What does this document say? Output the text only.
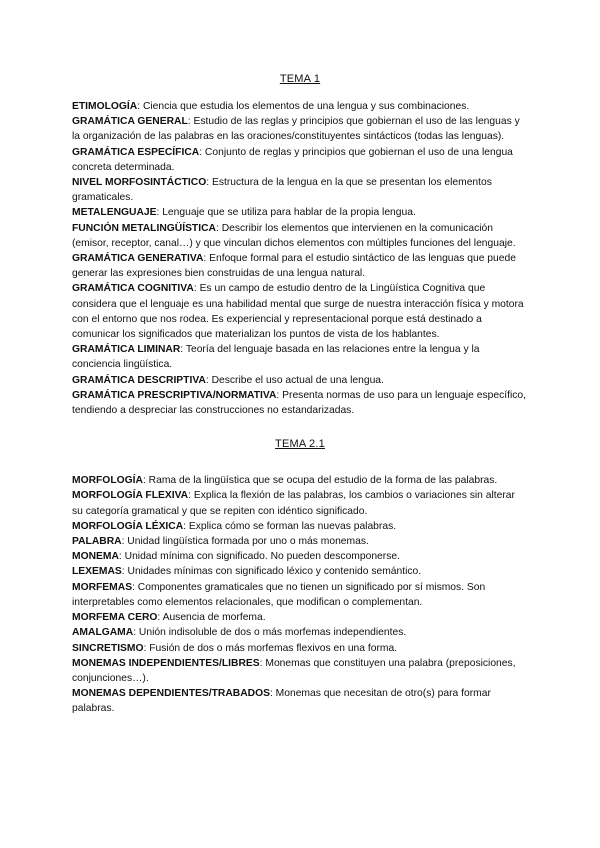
TEMA 1

ETIMOLOGÍA: Ciencia que estudia los elementos de una lengua y sus combinaciones.

GRAMÁTICA GENERAL: Estudio de las reglas y principios que gobiernan el uso de las lenguas y la organización de las palabras en las oraciones/constituyentes sintácticos (todas las lenguas).

GRAMÁTICA ESPECÍFICA: Conjunto de reglas y principios que gobiernan el uso de una lengua concreta determinada.

NIVEL MORFOSINTÁCTICO: Estructura de la lengua en la que se presentan los elementos gramaticales.

METALENGUAJE: Lenguaje que se utiliza para hablar de la propia lengua.

FUNCIÓN METALINGÜÍSTICA: Describir los elementos que intervienen en la comunicación (emisor, receptor, canal…) y que vinculan dichos elementos con múltiples funciones del lenguaje.

GRAMÁTICA GENERATIVA: Enfoque formal para el estudio sintáctico de las lenguas que puede generar las expresiones bien construidas de una lengua natural.

GRAMÁTICA COGNITIVA: Es un campo de estudio dentro de la Lingüística Cognitiva que considera que el lenguaje es una habilidad mental que surge de nuestra interacción física y motora con el entorno que nos rodea. Es experiencial y representacional porque está destinado a comunicar los significados que materializan los puntos de vista de los hablantes.

GRAMÁTICA LIMINAR: Teoría del lenguaje basada en las relaciones entre la lengua y la conciencia lingüística.

GRAMÁTICA DESCRIPTIVA: Describe el uso actual de una lengua.

GRAMÁTICA PRESCRIPTIVA/NORMATIVA: Presenta normas de uso para un lenguaje específico, tendiendo a despreciar las construcciones no estandarizadas.

TEMA 2.1

MORFOLOGÍA: Rama de la lingüística que se ocupa del estudio de la forma de las palabras.

MORFOLOGÍA FLEXIVA: Explica la flexión de las palabras, los cambios o variaciones sin alterar su categoría gramatical y que se repiten con idéntico significado.

MORFOLOGÍA LÉXICA: Explica cómo se forman las nuevas palabras.

PALABRA: Unidad lingüística formada por uno o más monemas.

MONEMA: Unidad mínima con significado. No pueden descomponerse.

LEXEMAS: Unidades mínimas con significado léxico y contenido semántico.

MORFEMAS: Componentes gramaticales que no tienen un significado por sí mismos. Son interpretables como elementos relacionales, que modifican o complementan.

MORFEMA CERO: Ausencia de morfema.

AMALGAMA: Unión indisoluble de dos o más morfemas independientes.

SINCRETISMO: Fusión de dos o más morfemas flexivos en una forma.

MONEMAS INDEPENDIENTES/LIBRES: Monemas que constituyen una palabra (preposiciones, conjunciones…).

MONEMAS DEPENDIENTES/TRABADOS: Monemas que necesitan de otro(s) para formar palabras.
